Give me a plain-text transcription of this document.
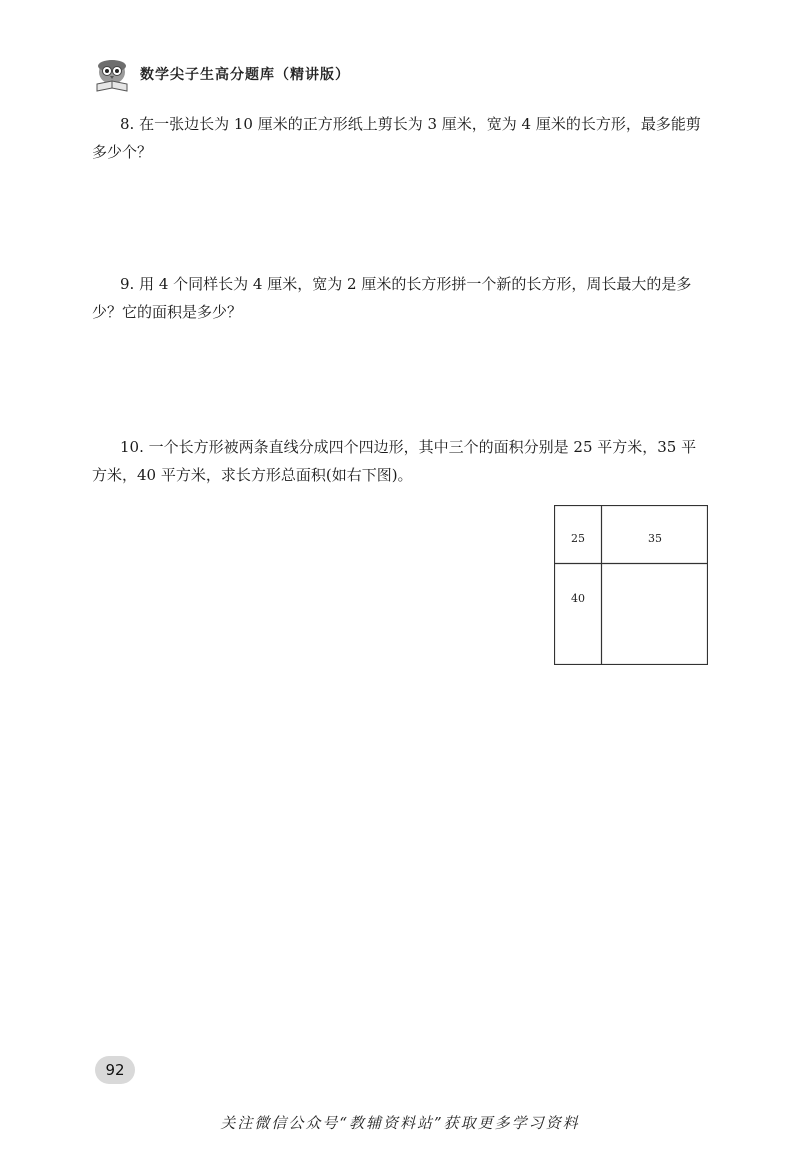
数学尖子生高分题库（精讲版）

8. 在一张边长为 10 厘米的正方形纸上剪长为 3 厘米，宽为 4 厘米的长方形，最多能剪多少个？

9. 用 4 个同样长为 4 厘米，宽为 2 厘米的长方形拼一个新的长方形，周长最大的是多少？它的面积是多少？

10. 一个长方形被两条直线分成四个四边形，其中三个的面积分别是 25 平方米，35 平方米，40 平方米，求长方形总面积(如右下图)。

25	35
40
92
关注微信公众号“教辅资料站”获取更多学习资料
